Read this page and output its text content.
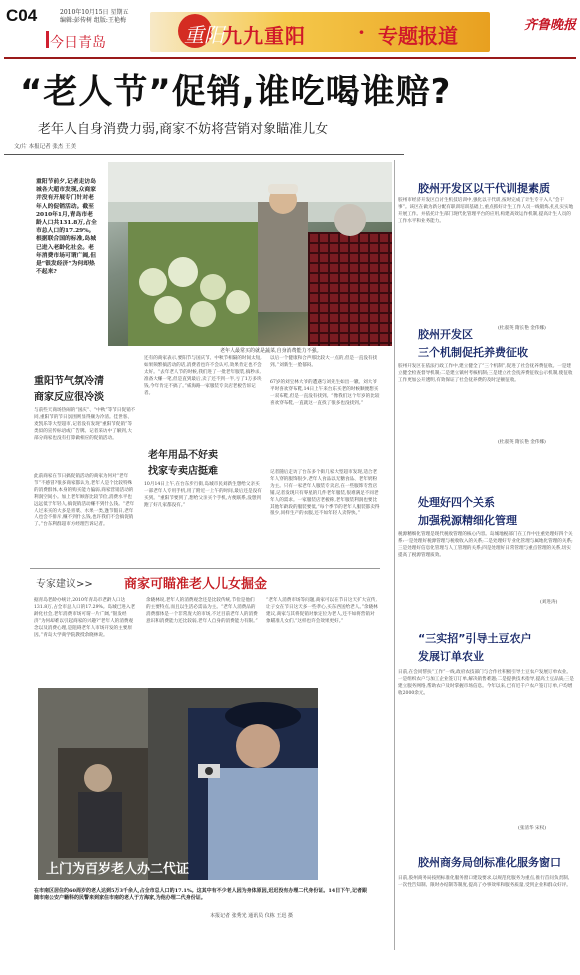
C04	2010年10月15日 星期五
编辑:彭传树 组版:王艳梅
今日青岛	重阳
九九重阳	· 专题报道	齐鲁晚报
“老人节”促销,谁吃喝谁赔?
老年人自身消费力弱,商家不妨将营销对象瞄准儿女
文/片 本报记者 张杰 王美
重阳节前夕,记者走访岛城各大超市发现,众商家并没有开展专门针对老年人的促销活动。截至2010年1月,青岛市老龄人口共131.8万,占全市总人口的17.29%。根据联合国的标准,岛城已进入老龄化社会。老年消费市场可谓广阔,但是“银发经济”为何却热不起来?
老年人最常买的就是蔬菜,自身消费能力不强。
重阳节气氛冷清
商家反应很冷淡
与前些天商场热闹的“国庆”、“中秋”等节日促销不同,重阳节的节日氛围则显得颇为冷清。佳世客、麦凯乐等大型超市,记者没有发现“重阳节促销”等类似的宣传标语或广告牌。记者采访中了解到,大部分商家也没有打算做相应的促销活动。
此前商家在节日搞促销活动的商家为何对“老年节”不感冒?很多商家都认为,老年人是个比较特殊的消费群体,本身的购买能力偏弱,商家营销活动的利润空间小。加上老年顾客比较节俭,消费水平也远远低于年轻人,搞促销活动赚不到什么钱。“老年人过来买的大多是青菜、水果一类,逢节假日,老年人也会不排斥,赚不到什么钱,也许我们不会搞促销了。”台东利群超市方经理告诉记者。
还有的商家表示,要阳节与国庆节、中秋节相隔的时间太短,如果频繁搞活动的话,消费者也许不会认可,效果肯定也不会太好。“去年老人节的时候,我们进了一批老年服装,搞秒杀,准备大赚一笔,但是直到最后,卖了还不到一半,亏了1万多块钱,今年肯定不搞了。”威海路一家服装专卖店老板告诉记者。
老年用品不好卖
找家专卖店挺难
10月14日上午,在台东步行街,岛城市民刘新生想给父亲买一部老年人专用手机,用了附近一上午的时间,最后还是没有买到。“重阳节要到了,想给父亲买个手机,方便联系,没想到跑了好几家都没有。”
以后一个健康和合声那比较大一点的,但是一直没有找到。”刘新生一脸郁闷。
67岁的刘宝林大爷的遭遇与刘先生如出一辙。刘大爷平时喜欢穿布鞋,14日上午来台东买老的时候顺便想买一双布鞋,但是一直没有找到。“像我们这个年岁的比较喜欢穿布鞋,一直就这一直找了很多也没找到。”
记者随后走访了台东多个街几家大型超市发现,适合老年人穿的服饰很少,老年人食品以无糖食品、老年奶粉为主。只有一家老年人服装专卖店,在一些服饰专营店铺,记者发现只有零星的几件老年服装,很难满足不同老年人的需求。一家服装店老板称,老年服装利润也要比其他年龄段的服装要低,“每个季节的老年人服装都卖得很少,同样生产的衣服,还不如年轻人卖得快。”
专家建议>> 商家可瞄准老人儿女掘金
据青岛老龄办统计,2010年青岛市老龄人口达131.8万,占全市总人口的17.29%。岛城已进入老龄化社会,老年消费市场可谓一片广阔,“银发经济”为何却难以引起商家的兴趣?“老年人的消费观念以及消费心理,是阻碍老年人市场开发的主要原因。”青岛大学商学院教授余晓林说。
余晓林说,老年人的消费观念还是比较传统,节俭是他们的主要特点,而且以生活必需品为主。“老年人消费品的消费群体是一个非常庞大的市场,不过目前老年人的消费意识和消费能力还比较弱,老年人自身的消费能力有限。”
“老年人消费市场等问题,商家可以在节日这天扩大宣传,让子女在节日这天多一些孝心,买东西送给老人。”余晓林建议,商家与其将促销对象定位为老人,还不如将营销对象瞄准儿女们,“这样也许会效果更好。”
上门为百岁老人办二代证
在市南区居住的60周岁的老人达到5万3千余人,占全市总人口的17.1%。这其中有不少老人因为身体原因,迟迟没有办理二代身份证。14日下午,记者跟随市南公安户籍科的民警来到家住市南的老人于方海家,为他办理二代身份证。
本报记者 张秀光 通讯员 仪栋 王迅 摄
胶州开发区以干代训提素质
胶州市经济开发区自讨生机技培训中,强化以干代训,按时完成了计生专干入人“会干事”。该区在做为新分配有职训培训基础上,重点抓好计生工作人员一线锻炼,扎扎实实地开展工作。并依托计生部门现代化管理平台的应用,构建高效运作机制,提高计生人员的工作水平和业务能力。
(杜淑英 隋长艳 金伟娜)
胶州开发区
三个机制促托养费征收
胶州开发区在依法行政工作中,建立健全了“三个机制”,促进了社会抚养费征收。一是建立健全检查督导机制;二是建立镇村考核机制;三是建立社会抚养费征收公示机制,使征收工作更加公开透明,有效保证了社会抚养费的及时足额征收。
(杜淑英 隋长艳 金伟娜)
处理好四个关系
加强税源精细化管理
税源精细化管理是现代税收管理的核心内容。岛城地税部门在工作中注重处理好四个关系:一是处理好税源管理与税收收入的关系;二是处理好专业化管理与属地化管理的关系;三是处理好信息化管理与人工管理的关系;四是处理好日常管理与重点管理的关系,切实提高了税源管理质效。
(刘进涛)
“三实招”引导土豆农户
发展订单农业
日前,在会同帮扶“工作”一线,政府农技部门与合作社积极引导土豆农户发展订单农业。一是组织农户与加工企业签订订单,解决销售难题;二是提供技术指导,提高土豆品质;三是建立服务网络,帮助农户及时掌握市场信息。今年以来,已有近千户农户签订订单,户均增收2000余元。
(张清华 宋权)
胶州商务局创标准化服务窗口
日前,胶州商务局按照标准化服务窗口建设要求,以规范化服务为重点,推行首问负责制、一次性告知制、限时办结制等制度,提高了办事效率和服务质量,受到企业和群众好评。
